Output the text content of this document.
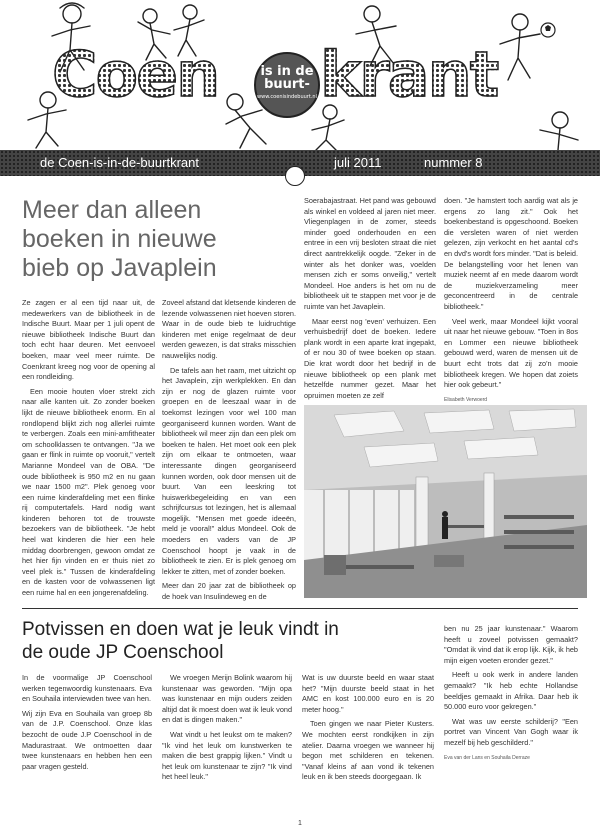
Coen	is in de
buurt-
www.coenisindebuurt.nl krant
de Coen-is-in-de-buurtkrant	juli 2011	nummer 8
Meer dan alleen boeken in nieuwe bieb op Javaplein

Ze zagen er al een tijd naar uit, de medewerkers van de bibliotheek in de Indische Buurt. Maar per 1 juli opent de nieuwe bibliotheek Indische Buurt dan toch echt haar deuren. Met eenvoeel boeken, maar veel meer ruimte. De Coenkrant kreeg nog voor de opening al een rondleiding.

Een mooie houten vloer strekt zich naar alle kanten uit. Zo zonder boeken lijkt de nieuwe bibliotheek enorm. En al rondlopend blijkt zich nog allerlei ruimte te verbergen. Zoals een mini-amfitheater om schoolklassen te ontvangen. "Ja we gaan er flink in ruimte op vooruit," vertelt Marianne Mondeel van de OBA. "De oude bibliotheek is 950 m2 en nu gaan we naar 1500 m2". Plek genoeg voor een ruime kinderafdeling met een flinke rij computertafels. Hard nodig want kinderen behoren tot de trouwste bezoekers van de bibliotheek. "Je hebt heel wat kinderen die hier een hele middag doorbrengen, gewoon omdat ze het hier fijn vinden en er thuis niet zo veel plek is." Tussen de kinderafdeling en de kasten voor de volwassenen ligt een ruime hal en een jongerenafdeling.

Zoveel afstand dat kletsende kinderen de lezende volwassenen niet hoeven storen. Waar in de oude bieb te luidruchtige kinderen met enige regelmaat de deur werden gewezen, is dat straks misschien nauwelijks nodig.

De tafels aan het raam, met uitzicht op het Javaplein, zijn werkplekken. En dan zijn er nog de glazen ruimte voor groepen en de leeszaal waar in de toekomst lezingen voor wel 100 man georganiseerd kunnen worden. Want de bibliotheek wil meer zijn dan een plek om boeken te halen. Het moet ook een plek zijn om elkaar te ontmoeten, waar interessante dingen georganiseerd kunnen worden, ook door mensen uit de buurt. Van een leeskring tot huiswerkbegeleiding en van een schrijfcursus tot lezingen, het is allemaal mogelijk. "Mensen met goede ideeën, meld je vooral!" aldus Mondeel. Ook de moeders en vaders van de JP Coenschool hoopt je vaak in de bibliotheek te zien. Er is plek genoeg om lekker te zitten, met of zonder boeken.

Meer dan 20 jaar zat de bibliotheek op de hoek van Insulindeweg en de

Soerabajastraat. Het pand was gebouwd als winkel en voldeed al jaren niet meer. Vliegenplagen in de zomer, steeds minder goed onderhouden en een entree in een vrij besloten straat die niet direct aantrekkelijk oogde. "Zeker in de winter als het donker was, voelden mensen zich er soms onveilig," vertelt Mondeel. Hoe anders is het om nu de bibliotheek uit te stappen met voor je de ruimte van het Javaplein.

Maar eerst nog 'even' verhuizen. Een verhuisbedrijf doet de boeken. Iedere plank wordt in een aparte krat ingepakt, of er nou 30 of twee boeken op staan. Die krat wordt door het bedrijf in de nieuwe bibliotheek op een plank met hetzelfde nummer gezet. Maar het opruimen moeten ze zelf

doen. "Je hamstert toch aardig wat als je ergens zo lang zit." Ook het boekenbestand is opgeschoond. Boeken die versleten waren of niet werden gelezen, zijn verkocht en het aantal cd's en dvd's wordt fors minder. "Dat is beleid. De belangstelling voor het lenen van muziek neemt af en mede daarom wordt de muziekverzameling meer geconcentreerd in de centrale bibliotheek."

Veel werk, maar Mondeel kijkt vooral uit naar het nieuwe gebouw. "Toen in 8os en Lommer een nieuwe bibliotheek gebouwd werd, waren de mensen uit de buurt echt trots dat zij zo'n mooie bibliotheek kregen. We hopen dat zoiets hier ook gebeurt."

Elisabeth Verwoerd
Potvissen en doen wat je leuk vindt in de oude JP Coenschool

In de voormalige JP Coenschool werken tegenwoordig kunstenaars. Eva en Souhaila interviewden twee van hen.

Wij zijn Eva en Souhaila van groep 8b van de J.P. Coenschool. Onze klas bezocht de oude J.P Coenschool in de Madurastraat. We ontmoetten daar twee kunstenaars en hebben hen een paar vragen gesteld.

We vroegen Merijn Bolink waarom hij kunstenaar was geworden. "Mijn opa was kunstenaar en mijn ouders zeiden altijd dat ik moest doen wat ik leuk vond en dat is dingen maken."

Wat vindt u het leukst om te maken? "Ik vind het leuk om kunstwerken te maken die best grappig lijken." Vindt u het leuk om kunstenaar te zijn? "Ik vind het heel leuk."

Wat is uw duurste beeld en waar staat het? "Mijn duurste beeld staat in het AMC en kost 100.000 euro en is 20 meter hoog."

Toen gingen we naar Pieter Kusters. We mochten eerst rondkijken in zijn atelier. Daarna vroegen we wanneer hij begon met schilderen en tekenen. "Vanaf kleins af aan vond ik tekenen leuk en ik ben steeds doorgegaan. Ik

ben nu 25 jaar kunstenaar." Waarom heeft u zoveel potvissen gemaakt? "Omdat ik vind dat ik erop lijk. Kijk, ik heb mijn eigen voeten eronder gezet."

Heeft u ook werk in andere landen gemaakt? "Ik heb echte Hollandse beeldjes gemaakt in Afrika. Daar heb ik 50.000 euro voor gekregen."

Wat was uw eerste schilderij? "Een portret van Vincent Van Gogh waar ik mezelf bij heb geschilderd."

Eva van der Lans en Souhaila Derraze
1
